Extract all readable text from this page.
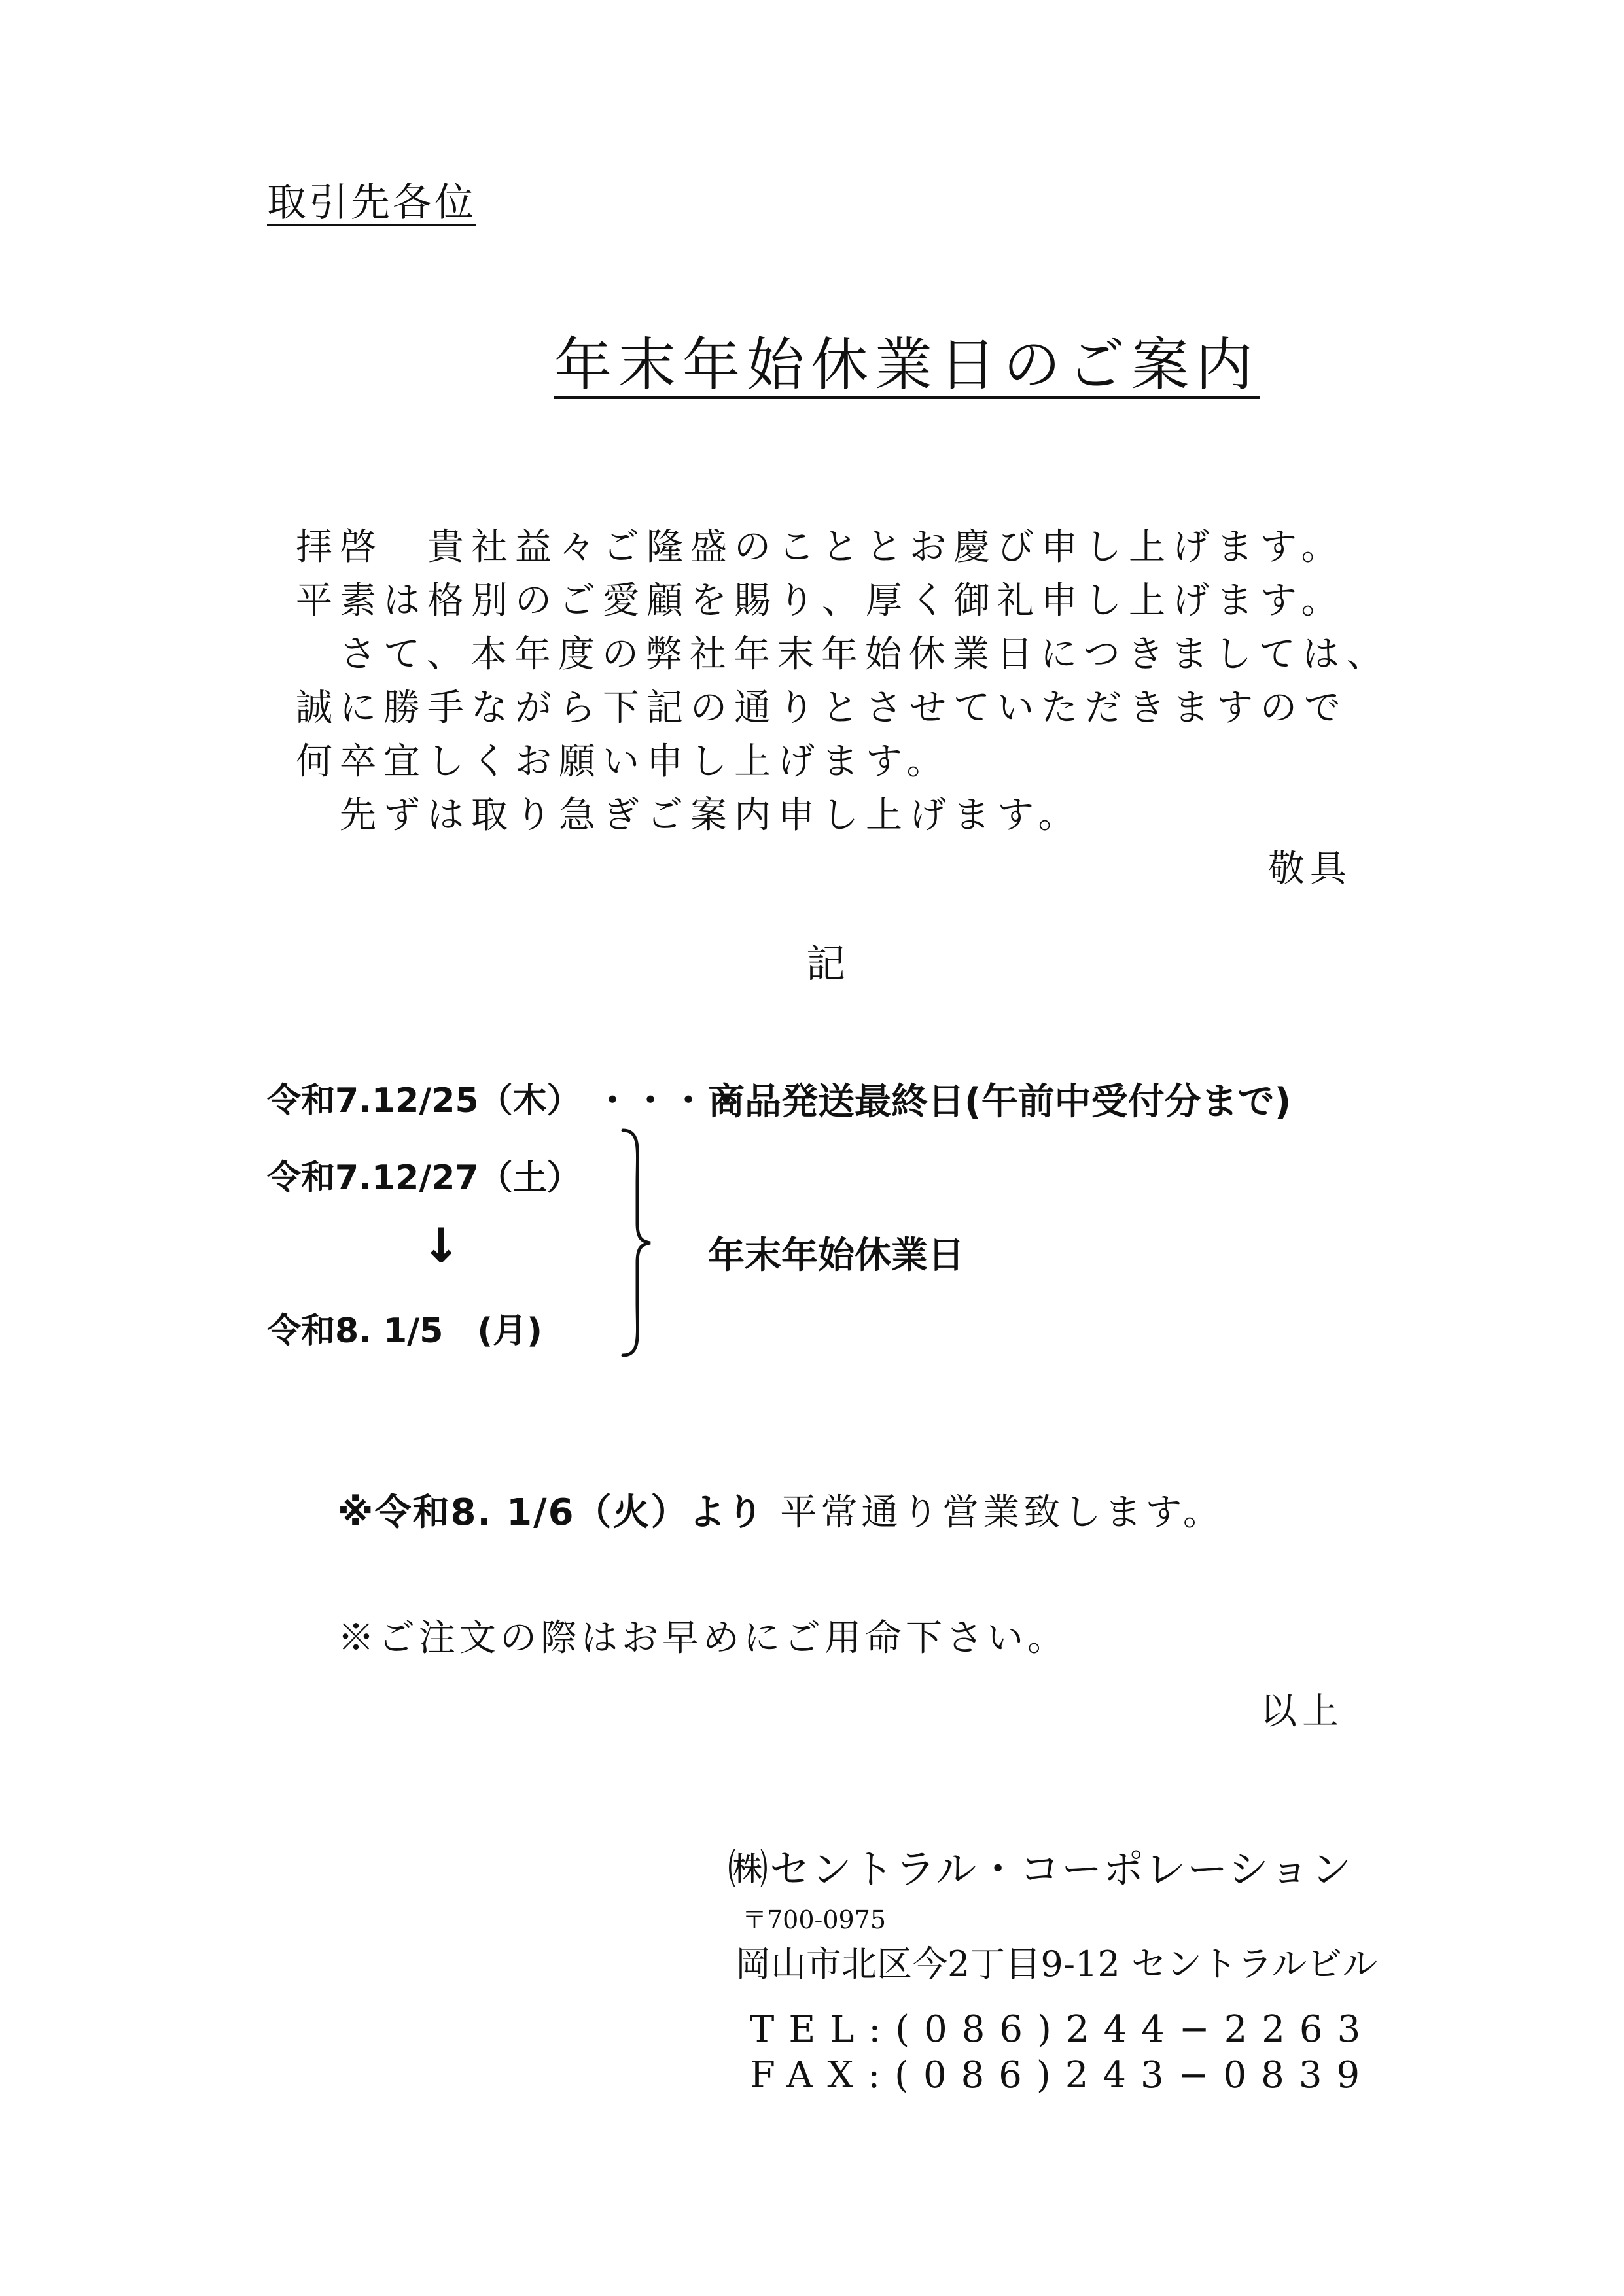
取引先各位
年末年始休業日のご案内
拝啓　貴社益々ご隆盛のこととお慶び申し上げます。
平素は格別のご愛顧を賜り、厚く御礼申し上げます。
　さて、本年度の弊社年末年始休業日につきましては、
誠に勝手ながら下記の通りとさせていただきますので
何卒宜しくお願い申し上げます。
　先ずは取り急ぎご案内申し上げます。
敬具
記
令和7.12/25（木） ・・・・
商品発送最終日(午前中受付分まで)
令和7.12/27（土）
↓
令和8. 1/5　(月)
年末年始休業日
※令和8. 1/6（火）より 平常通り営業致します。
※ご注文の際はお早めにご用命下さい。
以上
㈱セントラル・コーポレーション
〒700-0975
岡山市北区今2丁目9-12 セントラルビル
TEL:(086)244−2263
FAX:(086)243−0839
